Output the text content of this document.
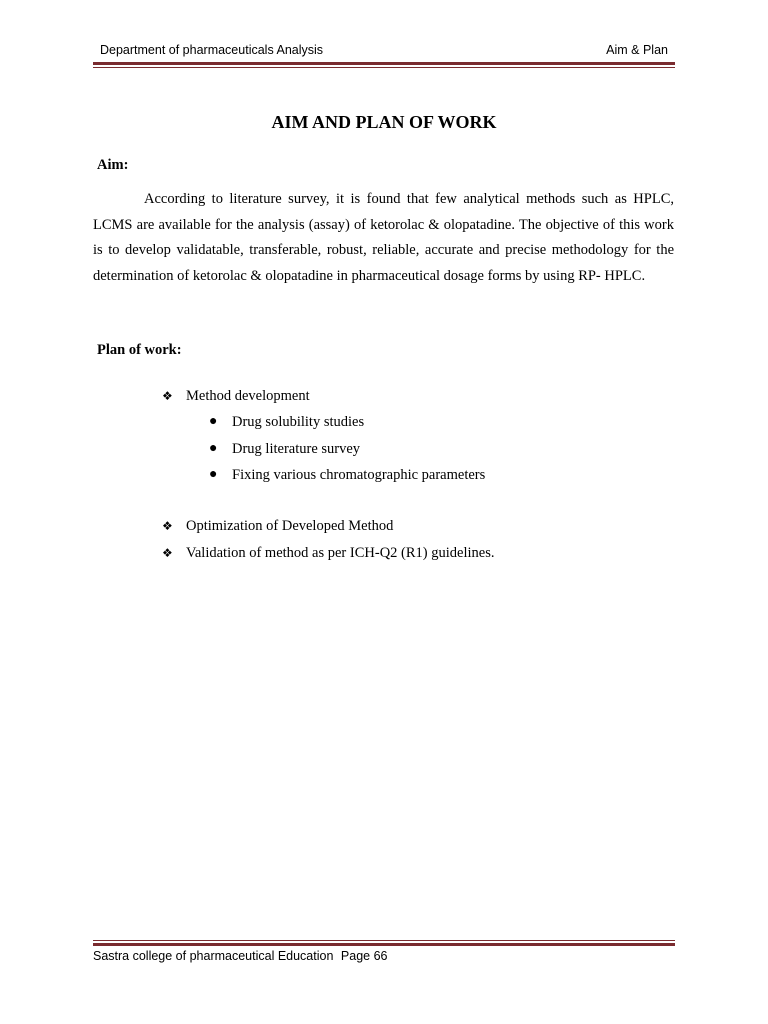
Department of pharmaceuticals Analysis	Aim & Plan
AIM AND PLAN OF WORK
Aim:

According to literature survey, it is found that few analytical methods such as HPLC, LCMS are available for the analysis (assay) of ketorolac & olopatadine. The objective of this work is to develop validatable, transferable, robust, reliable, accurate and precise methodology for the determination of ketorolac & olopatadine in pharmaceutical dosage forms by using RP- HPLC.

Plan of work:
❖ Method development
● Drug solubility studies
● Drug literature survey
● Fixing various chromatographic parameters
❖ Optimization of Developed Method
❖ Validation of method as per ICH-Q2 (R1) guidelines.
Sastra college of pharmaceutical Education Page 66
